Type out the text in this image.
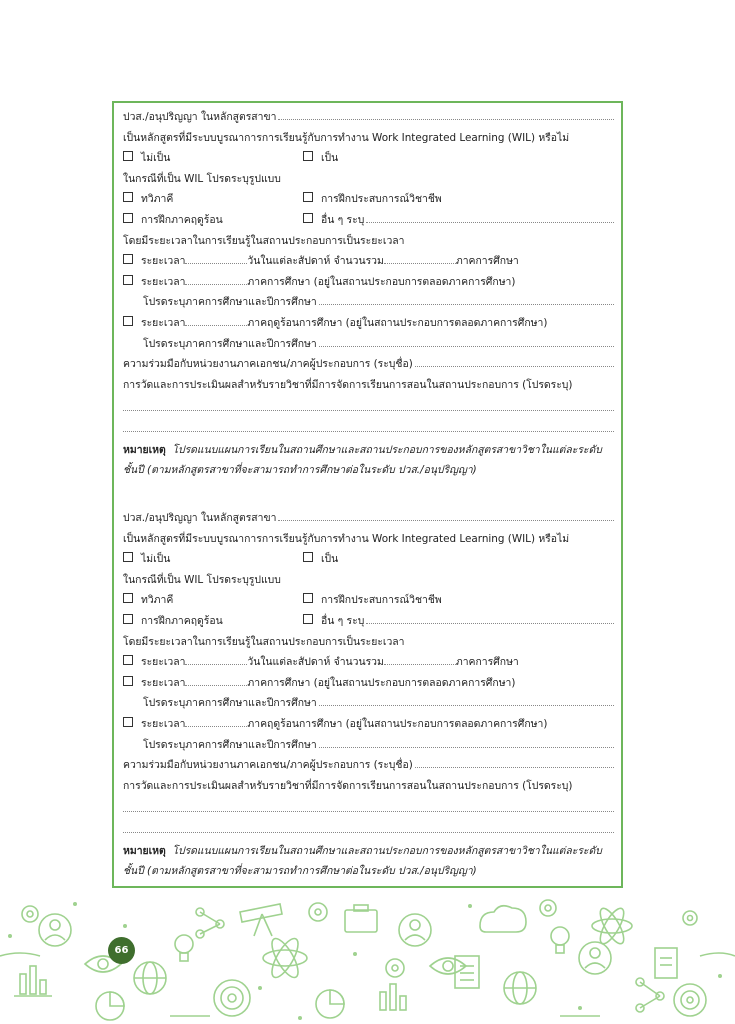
ปวส./อนุปริญญา ในหลักสูตรสาขา
เป็นหลักสูตรที่มีระบบบูรณาการการเรียนรู้กับการทำงาน Work Integrated Learning (WIL) หรือไม่
ไม่เป็น	เป็น
ในกรณีที่เป็น WIL โปรดระบุรูปแบบ
ทวิภาคี	การฝึกประสบการณ์วิชาชีพ
การฝึกภาคฤดูร้อน	อื่น ๆ ระบุ
โดยมีระยะเวลาในการเรียนรู้ในสถานประกอบการเป็นระยะเวลา
ระยะเวลา	วันในแต่ละสัปดาห์ จำนวนรวม	ภาคการศึกษา
ระยะเวลา	ภาคการศึกษา (อยู่ในสถานประกอบการตลอดภาคการศึกษา)
โปรดระบุภาคการศึกษาและปีการศึกษา
ระยะเวลา	ภาคฤดูร้อนการศึกษา (อยู่ในสถานประกอบการตลอดภาคการศึกษา)
โปรดระบุภาคการศึกษาและปีการศึกษา
ความร่วมมือกับหน่วยงานภาคเอกชน/ภาคผู้ประกอบการ (ระบุชื่อ)
การวัดและการประเมินผลสำหรับรายวิชาที่มีการจัดการเรียนการสอนในสถานประกอบการ (โปรดระบุ)
หมายเหตุ โปรดแนบแผนการเรียนในสถานศึกษาและสถานประกอบการของหลักสูตรสาขาวิชาในแต่ละระดับชั้นปี (ตามหลักสูตรสาขาที่จะสามารถทำการศึกษาต่อในระดับ ปวส./อนุปริญญา)
ปวส./อนุปริญญา ในหลักสูตรสาขา
เป็นหลักสูตรที่มีระบบบูรณาการการเรียนรู้กับการทำงาน Work Integrated Learning (WIL) หรือไม่
ไม่เป็น	เป็น
ในกรณีที่เป็น WIL โปรดระบุรูปแบบ
ทวิภาคี	การฝึกประสบการณ์วิชาชีพ
การฝึกภาคฤดูร้อน	อื่น ๆ ระบุ
โดยมีระยะเวลาในการเรียนรู้ในสถานประกอบการเป็นระยะเวลา
ระยะเวลา	วันในแต่ละสัปดาห์ จำนวนรวม	ภาคการศึกษา
ระยะเวลา	ภาคการศึกษา (อยู่ในสถานประกอบการตลอดภาคการศึกษา)
โปรดระบุภาคการศึกษาและปีการศึกษา
ระยะเวลา	ภาคฤดูร้อนการศึกษา (อยู่ในสถานประกอบการตลอดภาคการศึกษา)
โปรดระบุภาคการศึกษาและปีการศึกษา
ความร่วมมือกับหน่วยงานภาคเอกชน/ภาคผู้ประกอบการ (ระบุชื่อ)
การวัดและการประเมินผลสำหรับรายวิชาที่มีการจัดการเรียนการสอนในสถานประกอบการ (โปรดระบุ)
หมายเหตุ โปรดแนบแผนการเรียนในสถานศึกษาและสถานประกอบการของหลักสูตรสาขาวิชาในแต่ละระดับชั้นปี (ตามหลักสูตรสาขาที่จะสามารถทำการศึกษาต่อในระดับ ปวส./อนุปริญญา)
66
